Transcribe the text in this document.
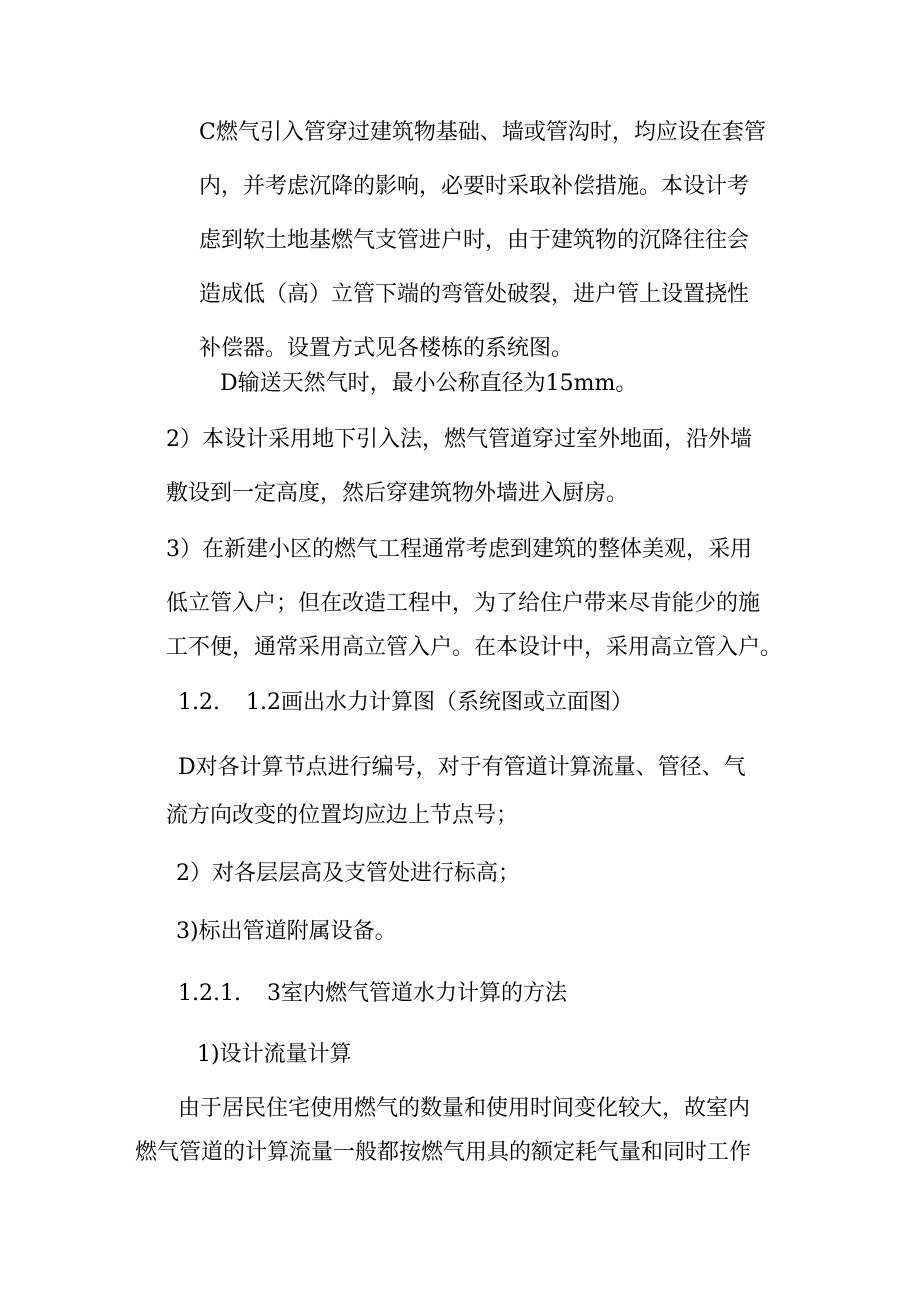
C燃气引入管穿过建筑物基础、墙或管沟时，均应设在套管
内，并考虑沉降的影响，必要时采取补偿措施。本设计考
虑到软土地基燃气支管进户时，由于建筑物的沉降往往会
造成低（高）立管下端的弯管处破裂，进户管上设置挠性
补偿器。设置方式见各楼栋的系统图。
D输送天然气时，最小公称直径为15mm。
2）本设计采用地下引入法，燃气管道穿过室外地面，沿外墙
敷设到一定高度，然后穿建筑物外墙进入厨房。
3）在新建小区的燃气工程通常考虑到建筑的整体美观，采用
低立管入户；但在改造工程中，为了给住户带来尽肯能少的施
工不便，通常采用高立管入户。在本设计中，采用高立管入户。
1.2. 1.2画出水力计算图（系统图或立面图）
D对各计算节点进行编号，对于有管道计算流量、管径、气
流方向改变的位置均应边上节点号；
2）对各层层高及支管处进行标高；
3)标出管道附属设备。
1.2.1. 3室内燃气管道水力计算的方法
1)设计流量计算
由于居民住宅使用燃气的数量和使用时间变化较大，故室内
燃气管道的计算流量一般都按燃气用具的额定耗气量和同时工作
